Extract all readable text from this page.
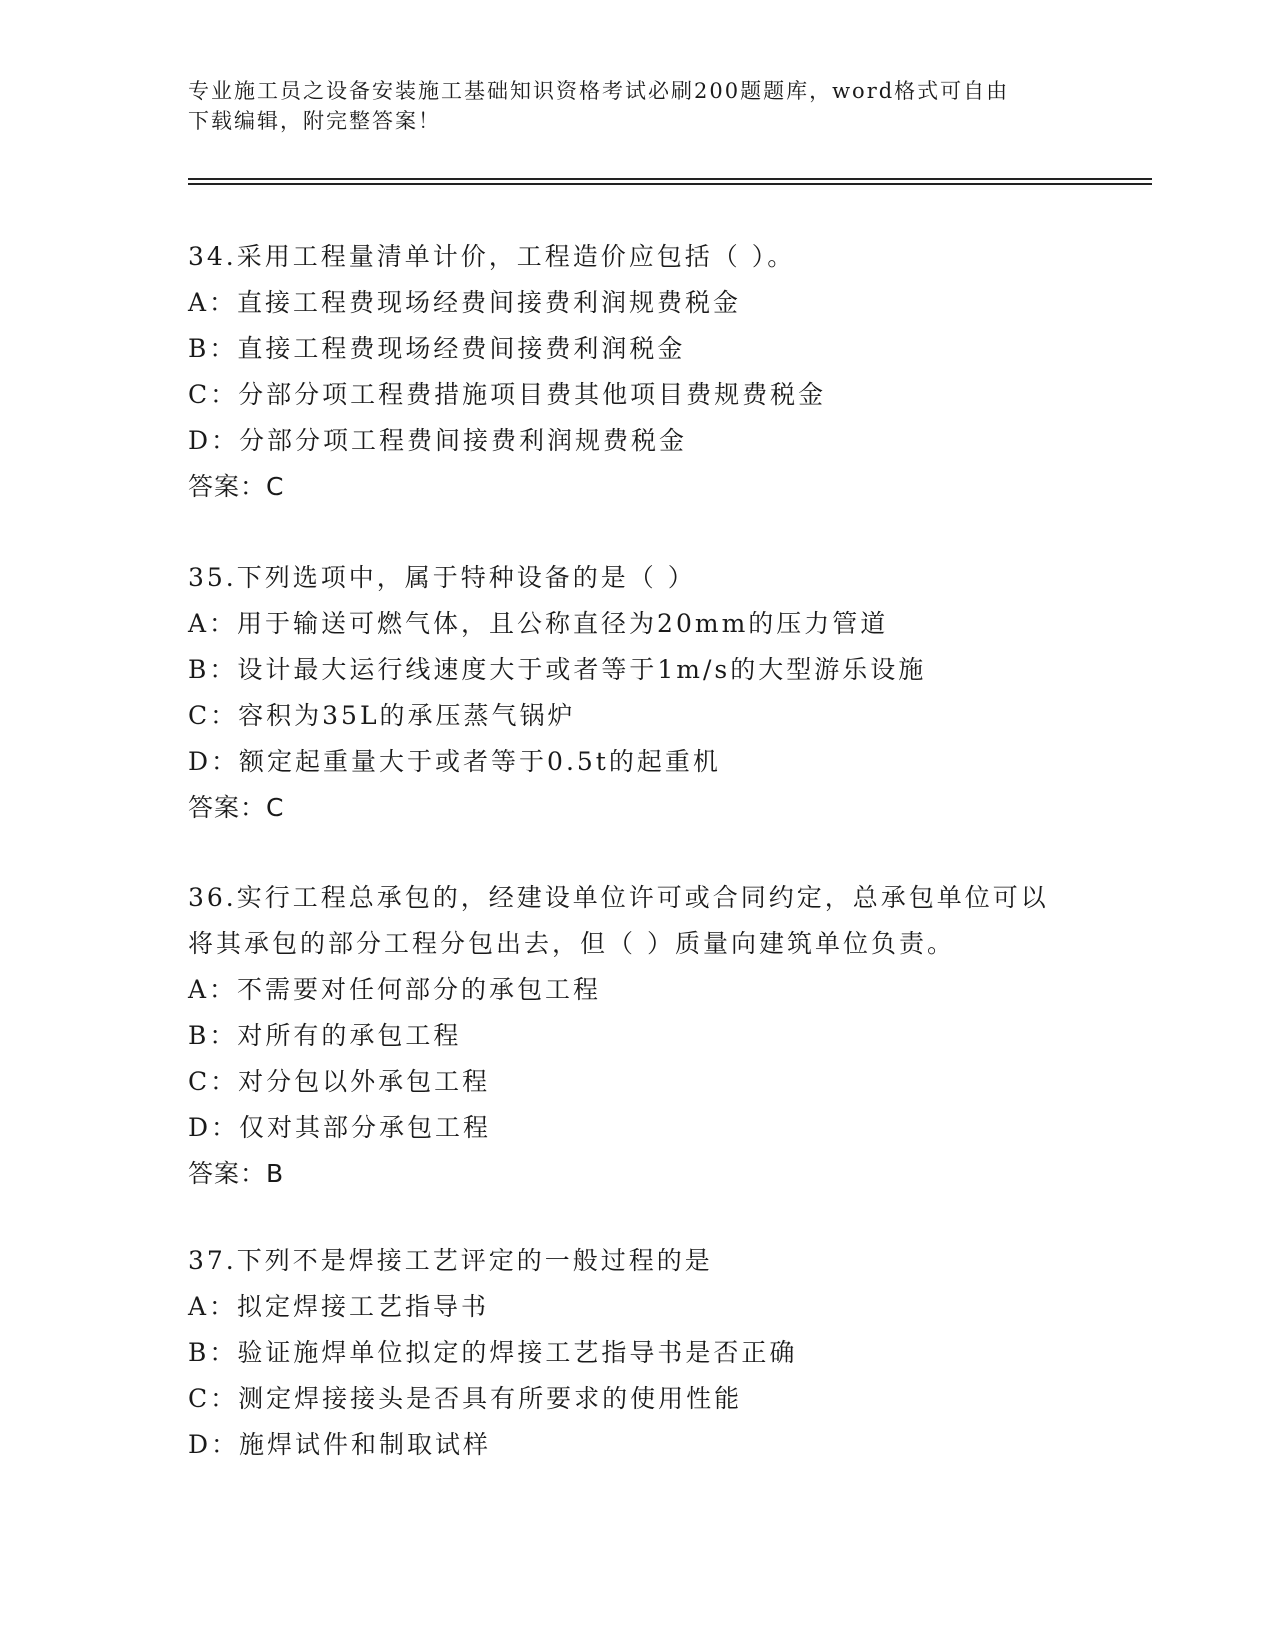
专业施工员之设备安装施工基础知识资格考试必刷200题题库，word格式可自由
下载编辑，附完整答案！
34.采用工程量清单计价，工程造价应包括（ ）。
A：直接工程费现场经费间接费利润规费税金
B：直接工程费现场经费间接费利润税金
C：分部分项工程费措施项目费其他项目费规费税金
D：分部分项工程费间接费利润规费税金
答案：C
35.下列选项中，属于特种设备的是（ ）
A：用于输送可燃气体，且公称直径为20mm的压力管道
B：设计最大运行线速度大于或者等于1m/s的大型游乐设施
C：容积为35L的承压蒸气锅炉
D：额定起重量大于或者等于0.5t的起重机
答案：C
36.实行工程总承包的，经建设单位许可或合同约定，总承包单位可以
将其承包的部分工程分包出去，但（ ）质量向建筑单位负责。
A：不需要对任何部分的承包工程
B：对所有的承包工程
C：对分包以外承包工程
D：仅对其部分承包工程
答案：B
37.下列不是焊接工艺评定的一般过程的是
A：拟定焊接工艺指导书
B：验证施焊单位拟定的焊接工艺指导书是否正确
C：测定焊接接头是否具有所要求的使用性能
D：施焊试件和制取试样
